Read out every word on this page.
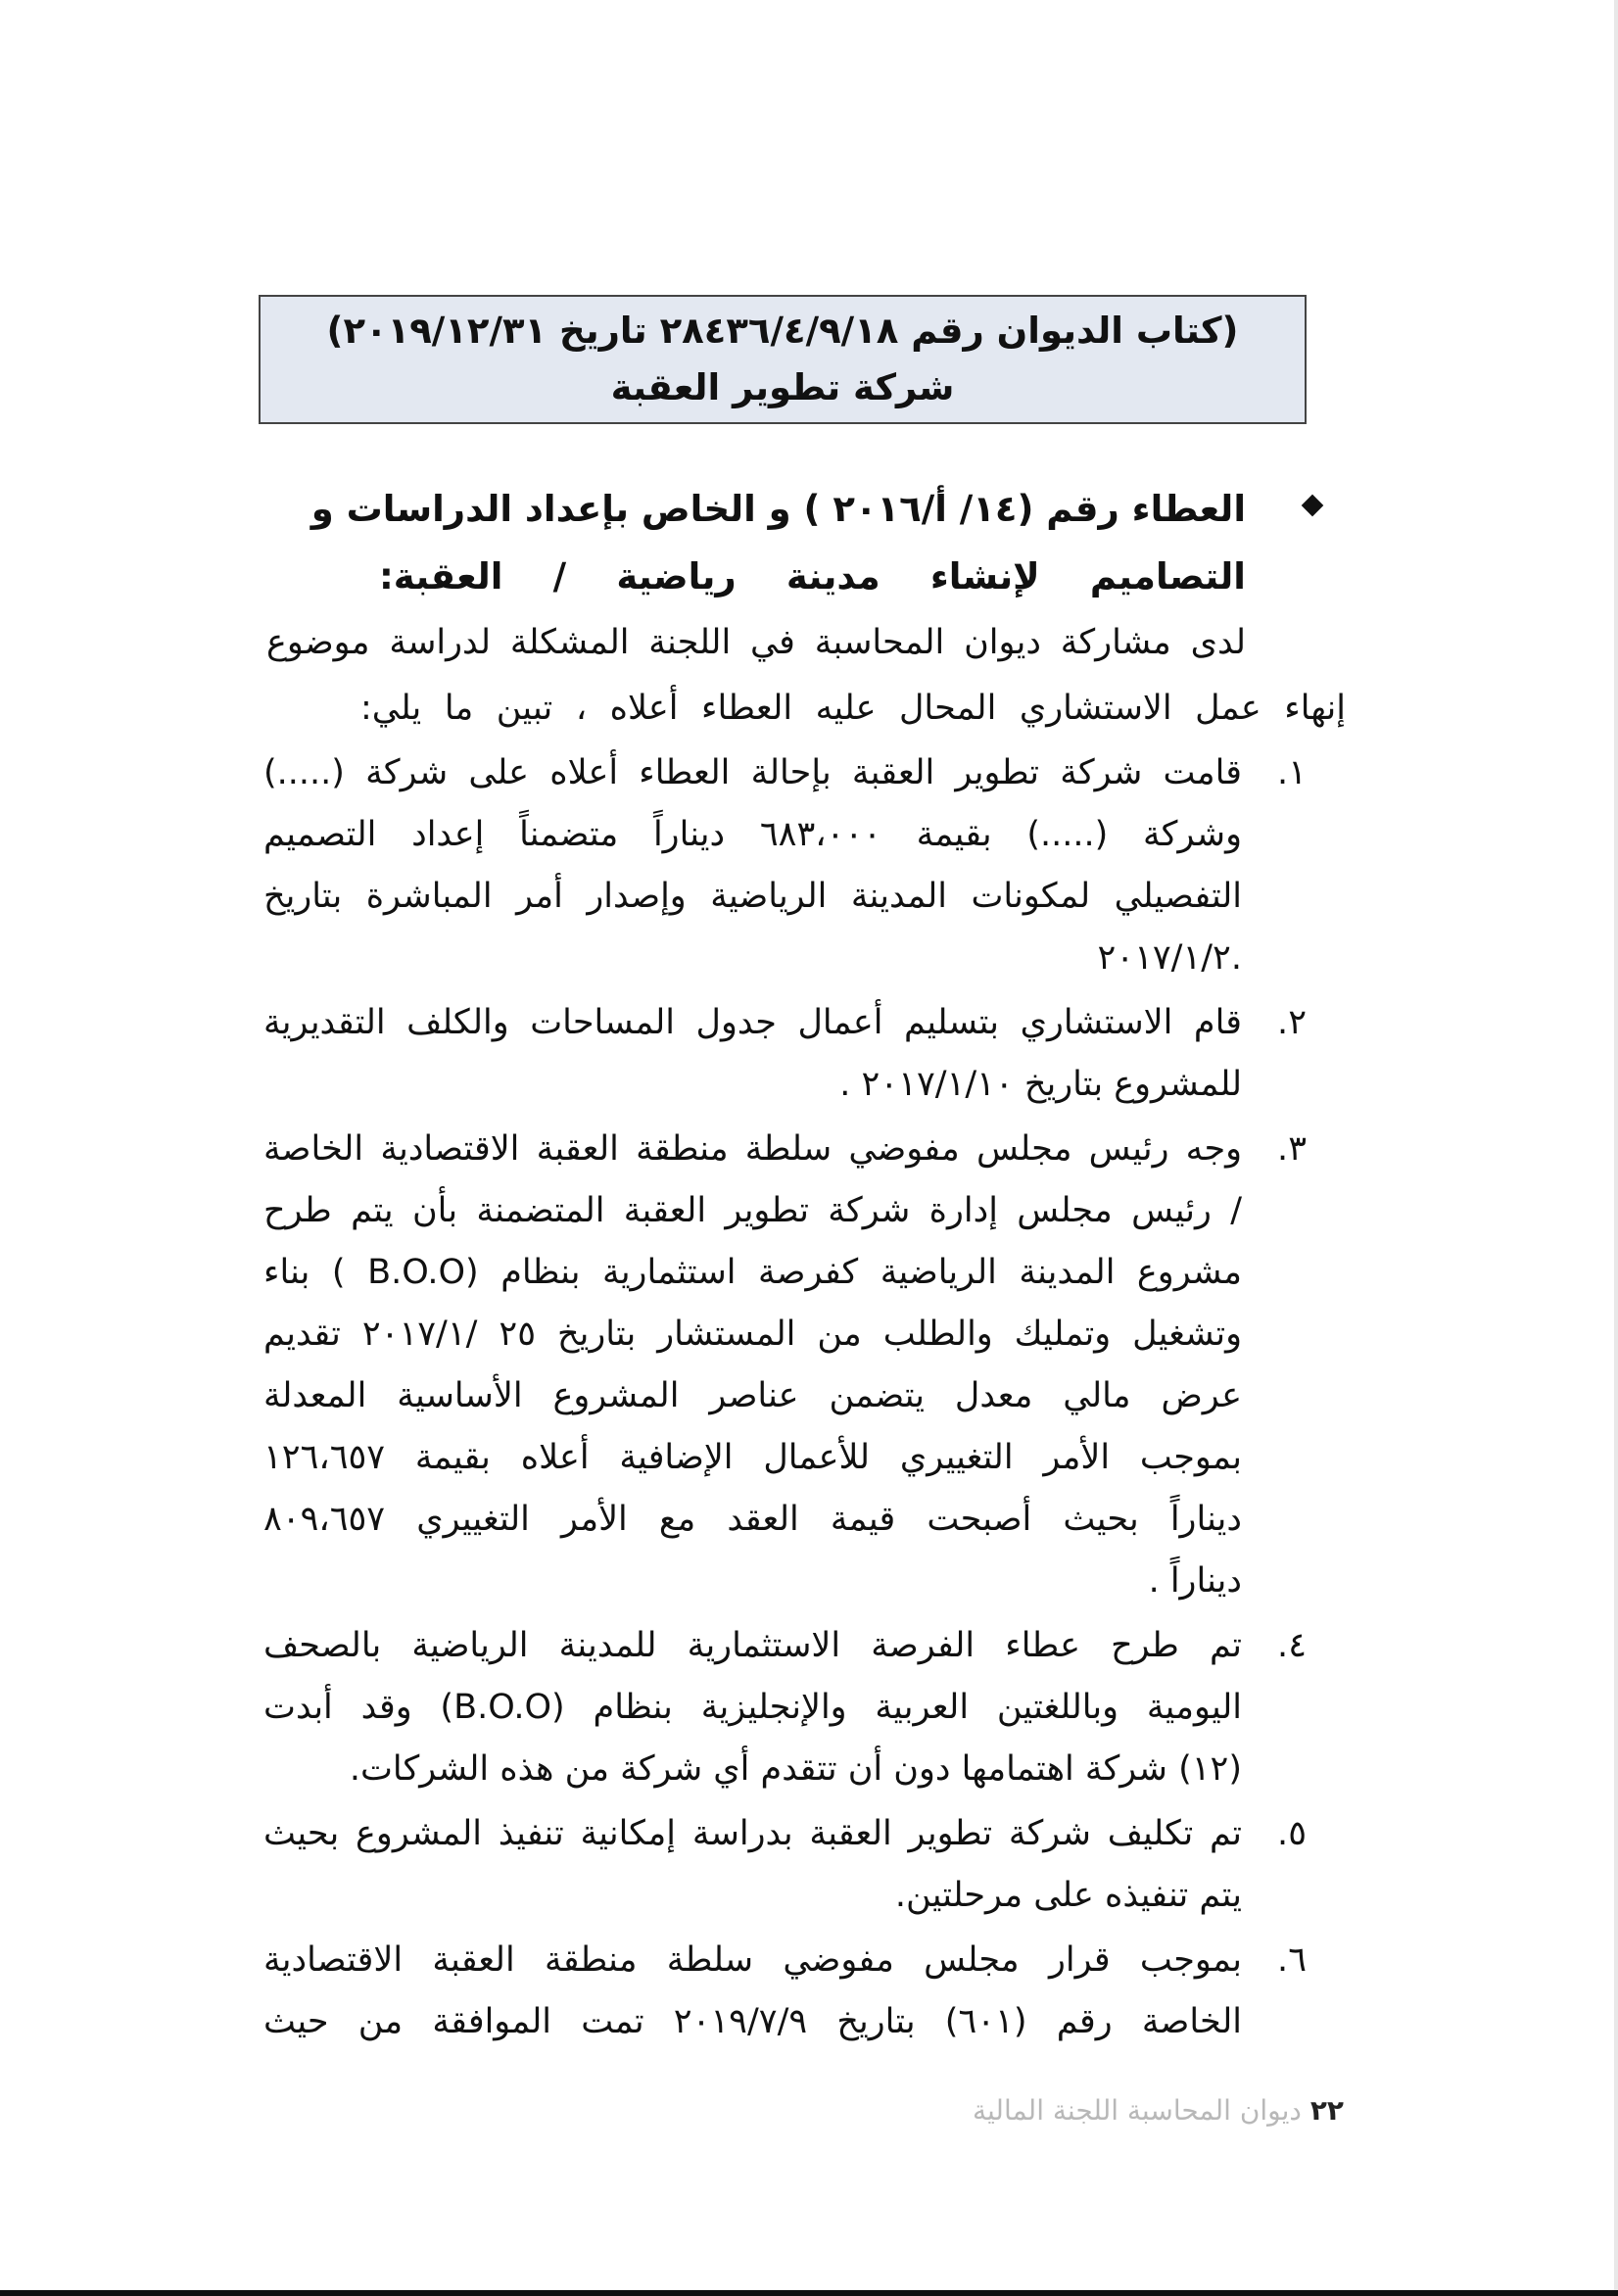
(كتاب الديوان رقم ٢٨٤٣٦/٤/٩/١٨ تاريخ ٢٠١٩/١٢/٣١)
شركة تطوير العقبة
العطاء رقم (١٤/ أ/٢٠١٦ ) و الخاص بإعداد الدراسات و
التصاميم لإنشاء مدينة رياضية / العقبة:
لدى مشاركة ديوان المحاسبة في اللجنة المشكلة لدراسة موضوع
إنهاء عمل الاستشاري المحال عليه العطاء أعلاه ، تبين ما يلي:
١.
قامت شركة تطوير العقبة بإحالة العطاء أعلاه على شركة (.....)
وشركة (.....) بقيمة ٦٨٣،٠٠٠ ديناراً متضمناً إعداد التصميم
التفصيلي لمكونات المدينة الرياضية وإصدار أمر المباشرة بتاريخ
.٢٠١٧/١/٢
٢.
قام الاستشاري بتسليم أعمال جدول المساحات والكلف التقديرية
للمشروع بتاريخ ٢٠١٧/١/١٠ .
٣.
وجه رئيس مجلس مفوضي سلطة منطقة العقبة الاقتصادية الخاصة
/ رئيس مجلس إدارة شركة تطوير العقبة المتضمنة بأن يتم طرح
مشروع المدينة الرياضية كفرصة استثمارية بنظام (B.O.O ) بناء
وتشغيل وتمليك والطلب من المستشار بتاريخ ٢٥ /٢٠١٧/١ تقديم
عرض مالي معدل يتضمن عناصر المشروع الأساسية المعدلة
بموجب الأمر التغييري للأعمال الإضافية أعلاه بقيمة ١٢٦،٦٥٧
ديناراً بحيث أصبحت قيمة العقد مع الأمر التغييري ٨٠٩،٦٥٧
ديناراً .
٤.
تم طرح عطاء الفرصة الاستثمارية للمدينة الرياضية بالصحف
اليومية وباللغتين العربية والإنجليزية بنظام (B.O.O) وقد أبدت
(١٢) شركة اهتمامها دون أن تتقدم أي شركة من هذه الشركات.
٥.
تم تكليف شركة تطوير العقبة بدراسة إمكانية تنفيذ المشروع بحيث
يتم تنفيذه على مرحلتين.
٦.
بموجب قرار مجلس مفوضي سلطة منطقة العقبة الاقتصادية
الخاصة رقم (٦٠١) بتاريخ ٢٠١٩/٧/٩ تمت الموافقة من حيث
٢٢ ديوان المحاسبة اللجنة المالية
